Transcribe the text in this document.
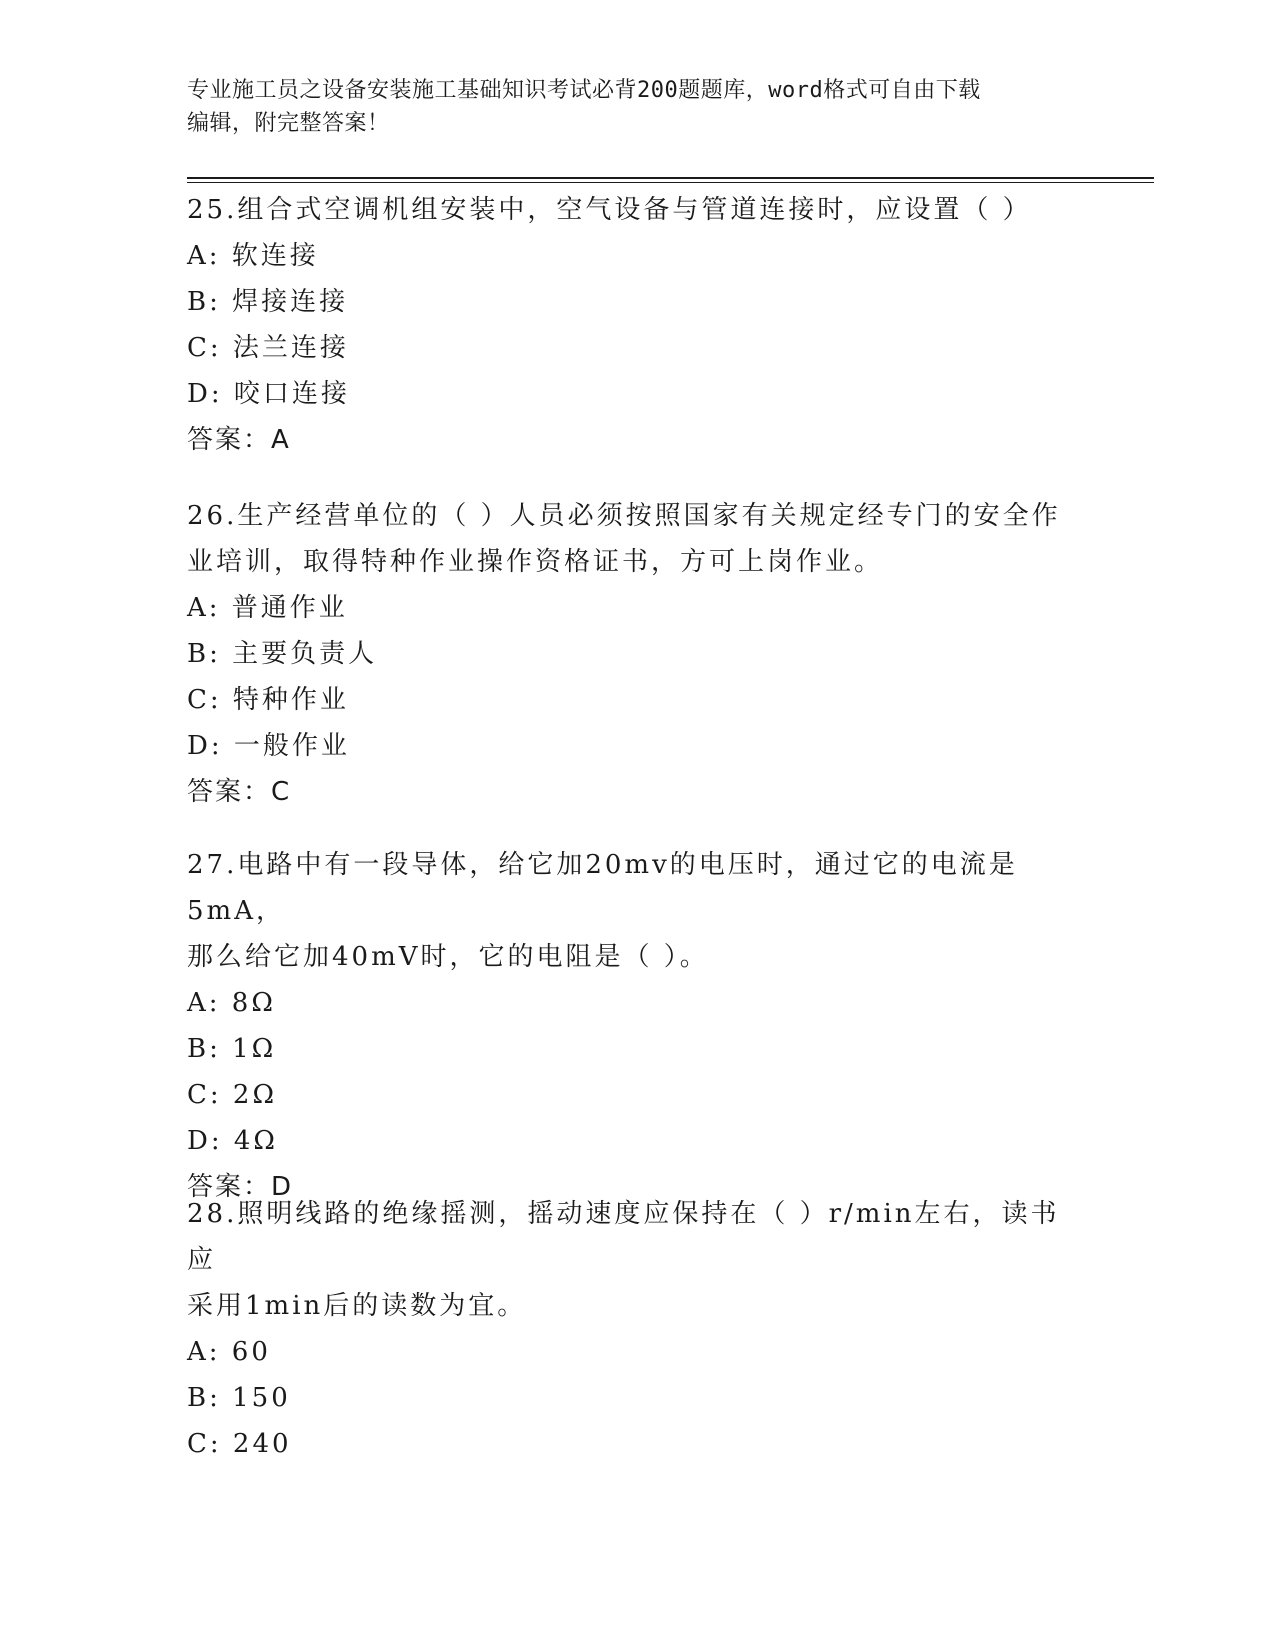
专业施工员之设备安装施工基础知识考试必背200题题库，word格式可自由下载
编辑，附完整答案！

25.组合式空调机组安装中，空气设备与管道连接时，应设置（ ）

A: 软连接

B: 焊接连接

C: 法兰连接

D: 咬口连接

答案：A

26.生产经营单位的（ ）人员必须按照国家有关规定经专门的安全作

业培训，取得特种作业操作资格证书，方可上岗作业。

A: 普通作业

B: 主要负责人

C: 特种作业

D: 一般作业

答案：C

27.电路中有一段导体，给它加20mv的电压时，通过它的电流是5mA，

那么给它加40mV时，它的电阻是（ ）。

A: 8Ω

B: 1Ω

C: 2Ω

D: 4Ω

答案：D

28.照明线路的绝缘摇测，摇动速度应保持在（ ）r/min左右，读书应

采用1min后的读数为宜。

A: 60

B: 150

C: 240
